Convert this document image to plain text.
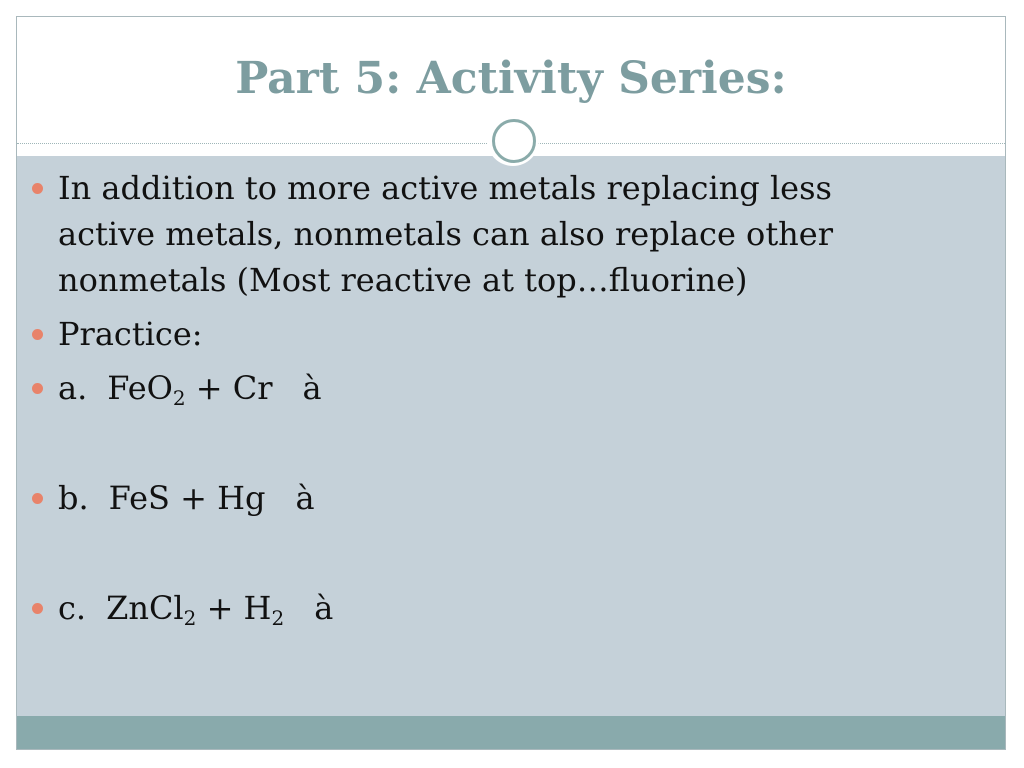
Part 5: Activity Series:
In addition to more active metals replacing less active metals, nonmetals can also replace other nonmetals (Most reactive at top…fluorine)
Practice:
a. FeO$_2$ + Cr à
b. FeS + Hg à
c. ZnCl$_2$ + $H_2$ à
